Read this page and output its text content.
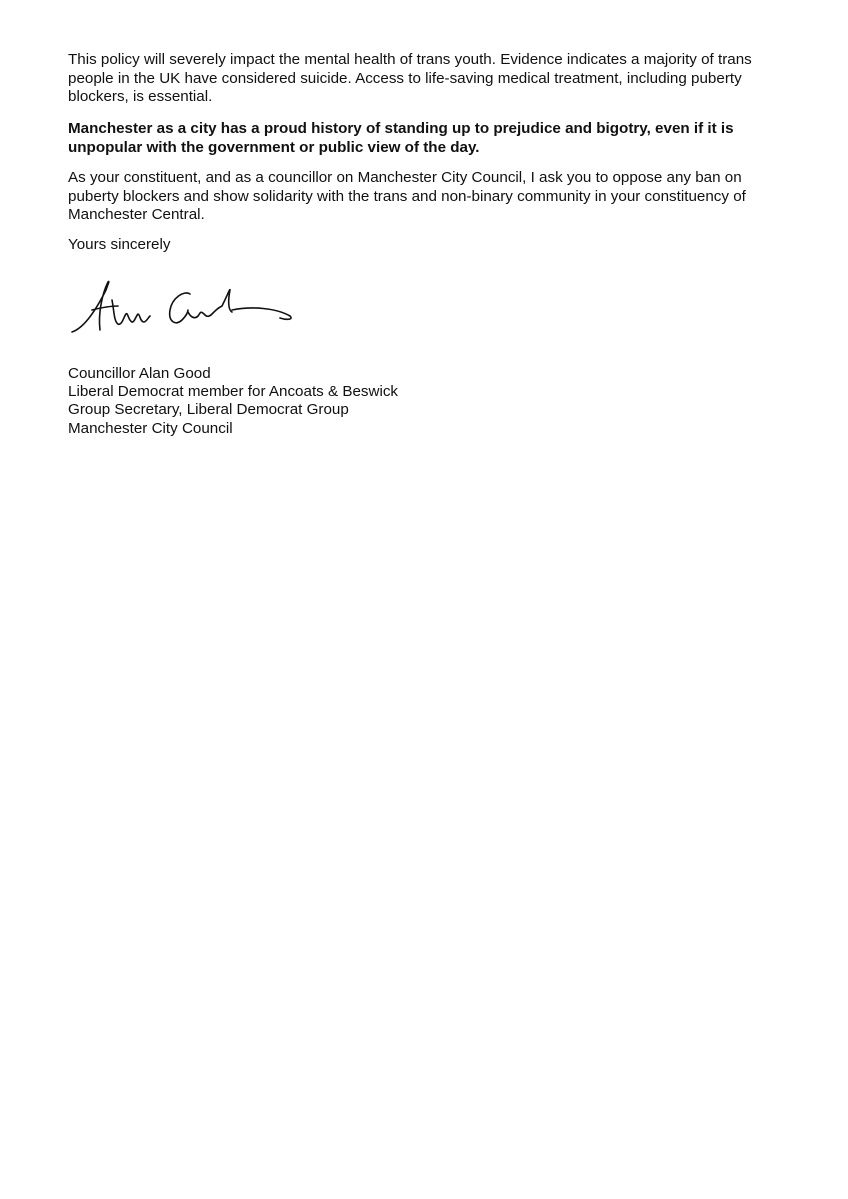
This policy will severely impact the mental health of trans youth. Evidence indicates a majority of trans people in the UK have considered suicide. Access to life-saving medical treatment, including puberty blockers, is essential.

Manchester as a city has a proud history of standing up to prejudice and bigotry, even if it is unpopular with the government or public view of the day.

As your constituent, and as a councillor on Manchester City Council, I ask you to oppose any ban on puberty blockers and show solidarity with the trans and non-binary community in your constituency of Manchester Central.

Yours sincerely

Councillor Alan Good
Liberal Democrat member for Ancoats & Beswick
Group Secretary, Liberal Democrat Group
Manchester City Council
